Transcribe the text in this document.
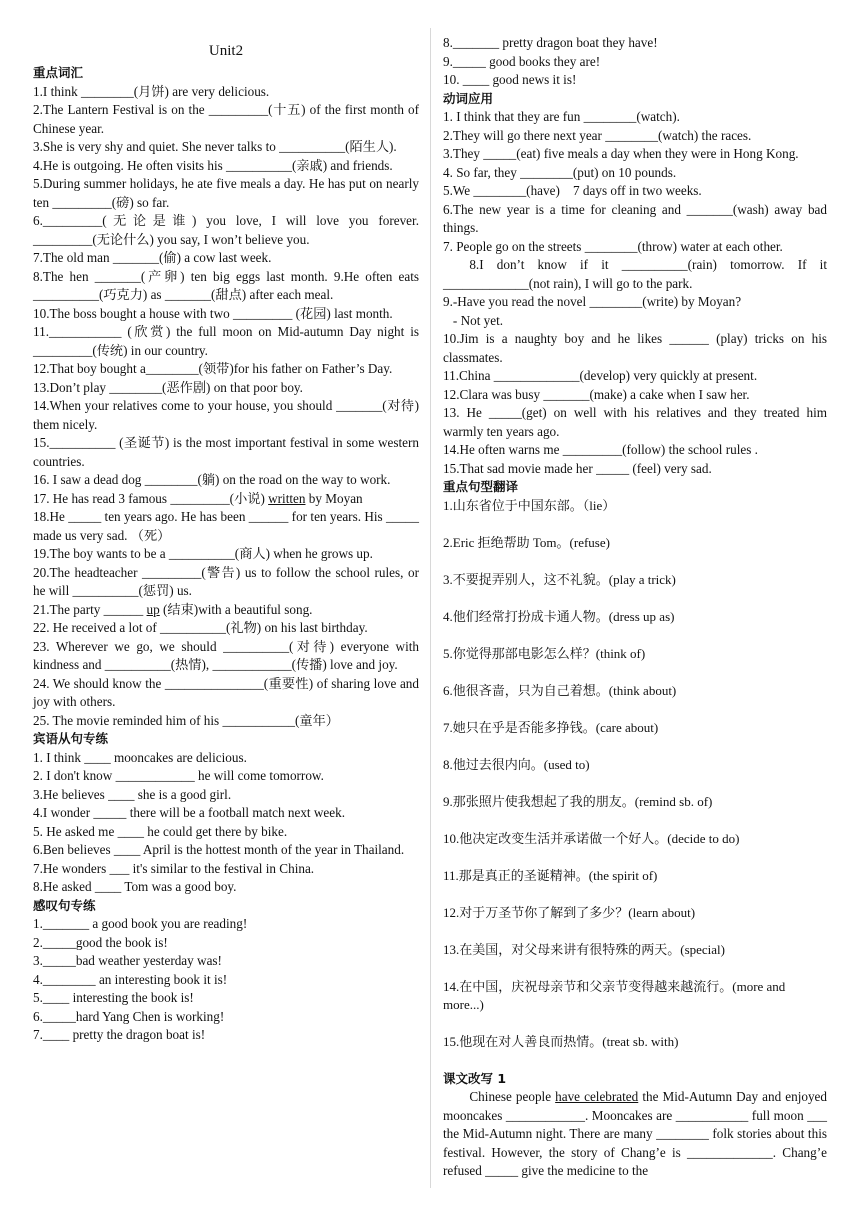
Unit2
重点词汇
1.I think ________(月饼) are very delicious.
2.The Lantern Festival is on the _________(十五) of the first month of Chinese year.
3.She is very shy and quiet. She never talks to __________(陌生人).
4.He is outgoing. He often visits his __________(亲戚) and friends.
5.During summer holidays, he ate five meals a day. He has put on nearly ten _________(磅) so far.
6._________(无论是谁) you love, I will love you forever. _________(无论什么) you say, I won’t believe you.
7.The old man _______(偷) a cow last week.
8.The hen _______(产卵) ten big eggs last month. 9.He often eats __________(巧克力) as _______(甜点) after each meal.
10.The boss bought a house with two _________ (花园) last month.
11.___________ (欣赏) the full moon on Mid-autumn Day night is _________(传统) in our country.
12.That boy bought a________(领带)for his father on Father’s Day.
13.Don’t play ________(恶作剧) on that poor boy.
14.When your relatives come to your house, you should _______(对待) them nicely.
15.__________ (圣诞节) is the most important festival in some western countries.
16. I saw a dead dog ________(躺) on the road on the way to work.
17. He has read 3 famous _________(小说) written by Moyan
18.He _____ ten years ago. He has been ______ for ten years. His _____ made us very sad. （死）
19.The boy wants to be a __________(商人) when he grows up.
20.The headteacher _________(警告) us to follow the school rules, or he will __________(惩罚) us.
21.The party ______ up (结束)with a beautiful song.
22. He received a lot of __________(礼物) on his last birthday.
23. Wherever we go, we should __________(对待) everyone with kindness and __________(热情), ____________(传播) love and joy.
24. We should know the _______________(重要性) of sharing love and joy with others.
25. The movie reminded him of his ___________(童年）
宾语从句专练
1. I think ____ mooncakes are delicious.
2. I don't know ____________ he will come tomorrow.
3.He believes ____ she is a good girl.
4.I wonder _____ there will be a football match next week.
5. He asked me ____ he could get there by bike.
6.Ben believes ____ April is the hottest month of the year in Thailand.
7.He wonders ___ it's similar to the festival in China.
8.He asked ____ Tom was a good boy.
感叹句专练
1._______ a good book you are reading!
2._____good the book is!
3._____bad weather yesterday was!
4.________ an interesting book it is!
5.____ interesting the book is!
6._____hard Yang Chen is working!
7.____ pretty the dragon boat is!
8._______ pretty dragon boat they have!
9._____ good books they are!
10. ____ good news it is!
动词应用
1. I think that they are fun ________(watch).
2.They will go there next year ________(watch) the races.
3.They _____(eat) five meals a day when they were in Hong Kong.
4. So far, they ________(put) on 10 pounds.
5.We ________(have)    7 days off in two weeks.
6.The new year is a time for cleaning and _______(wash) away bad things.
7. People go on the streets ________(throw) water at each other.
8.I don’t know if it __________(rain) tomorrow. If it _____________(not rain), I will go to the park.
9.-Have you read the novel ________(write) by Moyan?
- Not yet.
10.Jim is a naughty boy and he likes ______ (play) tricks on his classmates.
11.China _____________(develop) very quickly at present.
12.Clara was busy _______(make) a cake when I saw her.
13. He _____(get) on well with his relatives and they treated him warmly ten years ago.
14.He often warns me _________(follow) the school rules .
15.That sad movie made her _____ (feel) very sad.
重点句型翻译
1.山东省位于中国东部。（lie）
2.Eric 拒绝帮助 Tom。(refuse)
3.不要捉弄别人，这不礼貌。(play a trick)
4.他们经常打扮成卡通人物。(dress up as)
5.你觉得那部电影怎么样？(think of)
6.他很吝啬，只为自己着想。(think about)
7.她只在乎是否能多挣钱。(care about)
8.他过去很内向。(used to)
9.那张照片使我想起了我的朋友。(remind sb. of)
10.他决定改变生活并承诺做一个好人。(decide to do)
11.那是真正的圣诞精神。(the spirit of)
12.对于万圣节你了解到了多少？(learn about)
13.在美国，对父母来讲有很特殊的两天。(special)
14.在中国，庆祝母亲节和父亲节变得越来越流行。(more and more...)
15.他现在对人善良而热情。(treat sb. with)
课文改写 1
Chinese people have celebrated the Mid-Autumn Day and enjoyed mooncakes ____________. Mooncakes are ___________ full moon ___ the Mid-Autumn night. There are many ________ folk stories about this festival. However, the story of Chang’e is _____________. Chang’e refused _____ give the medicine to the
